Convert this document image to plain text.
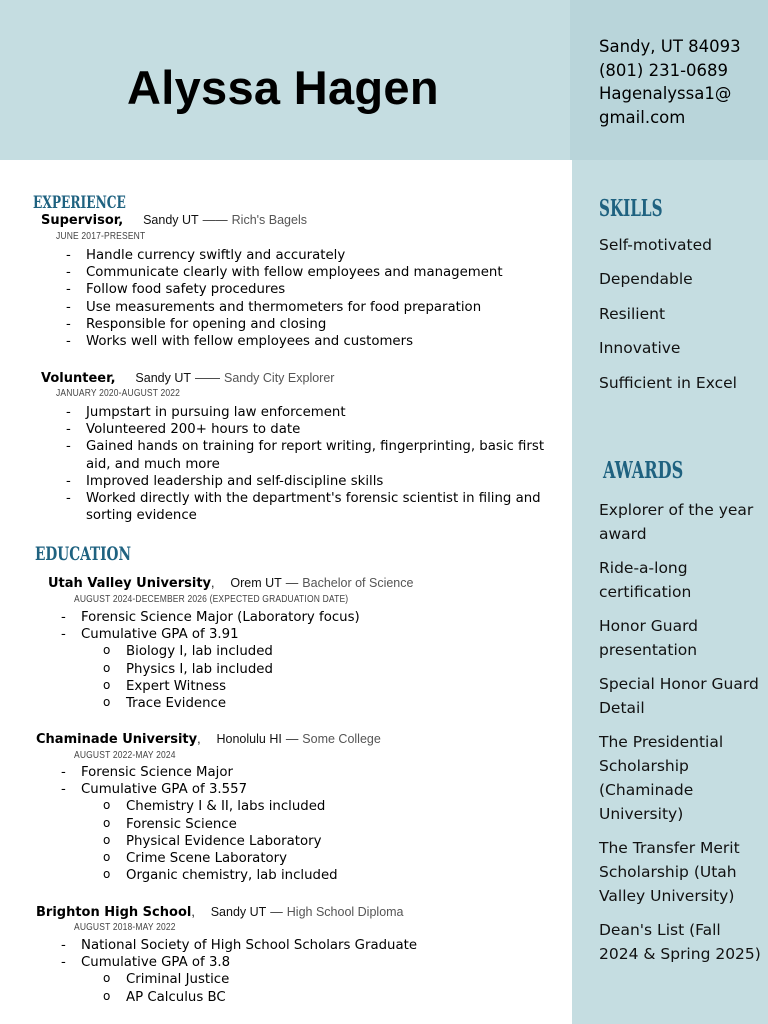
Alyssa Hagen
Sandy, UT 84093
(801) 231-0689
Hagenalyssa1@
gmail.com
SKILLS
Self-motivated
Dependable
Resilient
Innovative
Sufficient in Excel
AWARDS
Explorer of the year award
Ride-a-long certification
Honor Guard presentation
Special Honor Guard Detail
The Presidential Scholarship (Chaminade University)
The Transfer Merit Scholarship (Utah Valley University)
Dean's List (Fall 2024 & Spring 2025)
EXPERIENCE
Supervisor, Sandy UT —— Rich's Bagels
JUNE 2017-PRESENT
- Handle currency swiftly and accurately
- Communicate clearly with fellow employees and management
- Follow food safety procedures
- Use measurements and thermometers for food preparation
- Responsible for opening and closing
- Works well with fellow employees and customers
Volunteer, Sandy UT —— Sandy City Explorer
JANUARY 2020-AUGUST 2022
- Jumpstart in pursuing law enforcement
- Volunteered 200+ hours to date
- Gained hands on training for report writing, fingerprinting, basic first aid, and much more
- Improved leadership and self-discipline skills
- Worked directly with the department's forensic scientist in filing and sorting evidence
EDUCATION
Utah Valley University, Orem UT — Bachelor of Science
AUGUST 2024-DECEMBER 2026 (EXPECTED GRADUATION DATE)
- Forensic Science Major (Laboratory focus)
- Cumulative GPA of 3.91
o Biology I, lab included
o Physics I, lab included
o Expert Witness
o Trace Evidence
Chaminade University, Honolulu HI — Some College
AUGUST 2022-MAY 2024
- Forensic Science Major
- Cumulative GPA of 3.557
o Chemistry I & II, labs included
o Forensic Science
o Physical Evidence Laboratory
o Crime Scene Laboratory
o Organic chemistry, lab included
Brighton High School, Sandy UT — High School Diploma
AUGUST 2018-MAY 2022
- National Society of High School Scholars Graduate
- Cumulative GPA of 3.8
o Criminal Justice
o AP Calculus BC
